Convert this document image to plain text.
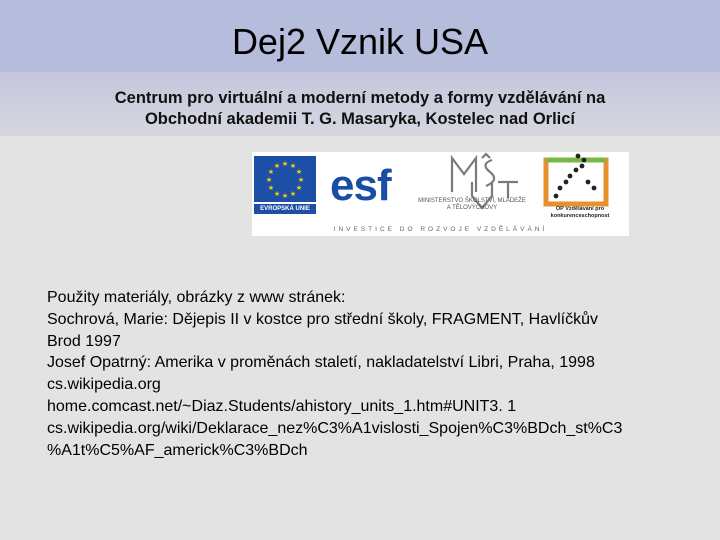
Dej2 Vznik USA
Centrum pro virtuální a moderní metody a formy vzdělávání na
Obchodní akademii T. G. Masaryka, Kostelec nad Orlicí
★ ★
★
★
★
★
★
★
★
★
★
★
EVROPSKÁ UNIE esf	MINISTERSTVO ŠKOLSTVÍ, MLÁDEŽE A TĚLOVÝCHOVY	OP Vzdělávání pro konkurenceschopnost
INVESTICE DO ROZVOJE VZDĚLÁVÁNÍ
Použity materiály, obrázky z www stránek:
Sochrová, Marie: Dějepis II v kostce pro střední školy, FRAGMENT, Havlíčkův
Brod 1997
Josef Opatrný: Amerika v proměnách staletí, nakladatelství Libri, Praha, 1998
cs.wikipedia.org
home.comcast.net/~Diaz.Students/ahistory_units_1.htm#UNIT3. 1
cs.wikipedia.org/wiki/Deklarace_nez%C3%A1vislosti_Spojen%C3%BDch_st%C3
%A1t%C5%AF_americk%C3%BDch
